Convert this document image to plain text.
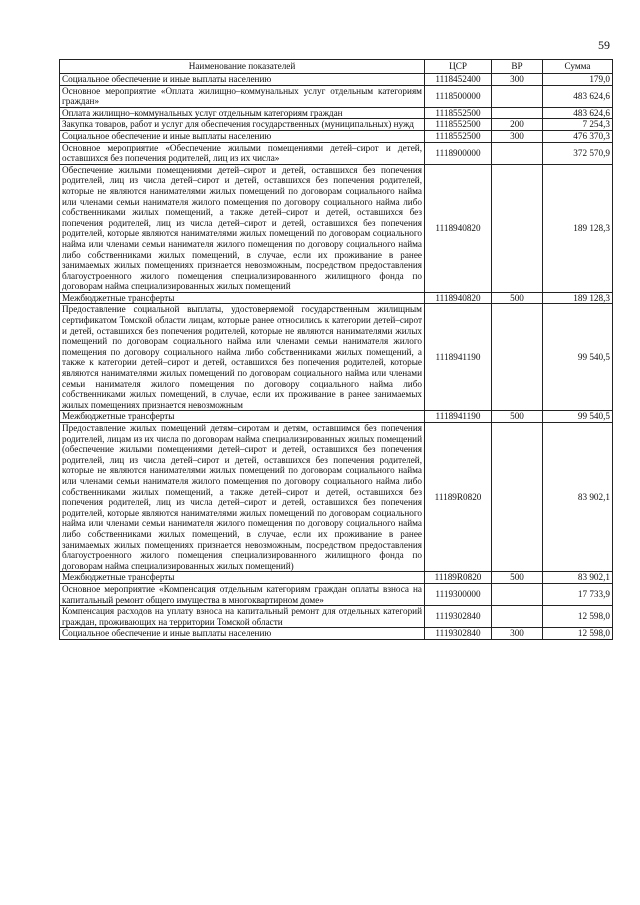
59
Наименование показателей	ЦСР	ВР	Сумма
Социальное обеспечение и иные выплаты населению	1118452400	300	179,0
Основное мероприятие «Оплата жилищно–коммунальных услуг отдельным категориям граждан»	1118500000		483 624,6
Оплата жилищно–коммунальных услуг отдельным категориям граждан	1118552500		483 624,6
Закупка товаров, работ и услуг для обеспечения государственных (муниципальных) нужд	1118552500	200	7 254,3
Социальное обеспечение и иные выплаты населению	1118552500	300	476 370,3
Основное мероприятие «Обеспечение жилыми помещениями детей–сирот и детей, оставшихся без попечения родителей, лиц из их числа»	1118900000		372 570,9
Обеспечение жилыми помещениями детей–сирот и детей, оставшихся без попечения родителей, лиц из числа детей–сирот и детей, оставшихся без попечения родителей, которые не являются нанимателями жилых помещений по договорам социального найма или членами семьи нанимателя жилого помещения по договору социального найма либо собственниками жилых помещений, а также детей–сирот и детей, оставшихся без попечения родителей, лиц из числа детей–сирот и детей, оставшихся без попечения родителей, которые являются нанимателями жилых помещений по договорам социального найма или членами семьи нанимателя жилого помещения по договору социального найма либо собственниками жилых помещений, в случае, если их проживание в ранее занимаемых жилых помещениях признается невозможным, посредством предоставления благоустроенного жилого помещения специализированного жилищного фонда по договорам найма специализированных жилых помещений	1118940820		189 128,3
Межбюджетные трансферты	1118940820	500	189 128,3
Предоставление социальной выплаты, удостоверяемой государственным жилищным сертификатом Томской области лицам, которые ранее относились к категории детей–сирот и детей, оставшихся без попечения родителей, которые не являются нанимателями жилых помещений по договорам социального найма или членами семьи нанимателя жилого помещения по договору социального найма либо собственниками жилых помещений, а также к категории детей–сирот и детей, оставшихся без попечения родителей, которые являются нанимателями жилых помещений по договорам социального найма или членами семьи нанимателя жилого помещения по договору социального найма либо собственниками жилых помещений, в случае, если их проживание в ранее занимаемых жилых помещениях признается невозможным	1118941190		99 540,5
Межбюджетные трансферты	1118941190	500	99 540,5
Предоставление жилых помещений детям–сиротам и детям, оставшимся без попечения родителей, лицам из их числа по договорам найма специализированных жилых помещений (обеспечение жилыми помещениями детей–сирот и детей, оставшихся без попечения родителей, лиц из числа детей–сирот и детей, оставшихся без попечения родителей, которые не являются нанимателями жилых помещений по договорам социального найма или членами семьи нанимателя жилого помещения по договору социального найма либо собственниками жилых помещений, а также детей–сирот и детей, оставшихся без попечения родителей, лиц из числа детей–сирот и детей, оставшихся без попечения родителей, которые являются нанимателями жилых помещений по договорам социального найма или членами семьи нанимателя жилого помещения по договору социального найма либо собственниками жилых помещений, в случае, если их проживание в ранее занимаемых жилых помещениях признается невозможным, посредством предоставления благоустроенного жилого помещения специализированного жилищного фонда по договорам найма специализированных жилых помещений)	11189R0820		83 902,1
Межбюджетные трансферты	11189R0820	500	83 902,1
Основное мероприятие «Компенсация отдельным категориям граждан оплаты взноса на капитальный ремонт общего имущества в многоквартирном доме»	1119300000		17 733,9
Компенсация расходов на уплату взноса на капитальный ремонт для отдельных категорий граждан, проживающих на территории Томской области	1119302840		12 598,0
Социальное обеспечение и иные выплаты населению	1119302840	300	12 598,0
